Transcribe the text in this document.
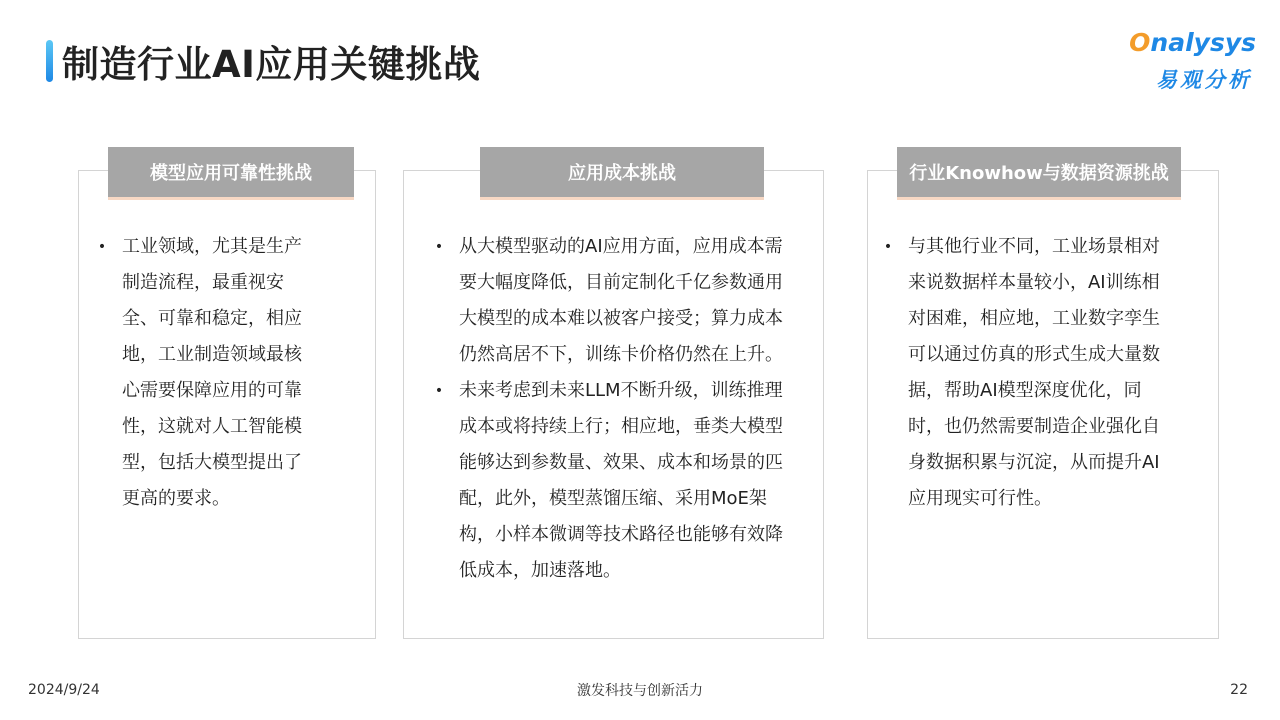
制造行业AI应用关键挑战
Onalysys
易观分析
模型应用可靠性挑战
• 工业领域，尤其是生产制造流程，最重视安全、可靠和稳定，相应地，工业制造领域最核心需要保障应用的可靠性，这就对人工智能模型，包括大模型提出了更高的要求。
应用成本挑战
• 从大模型驱动的AI应用方面，应用成本需要大幅度降低，目前定制化千亿参数通用大模型的成本难以被客户接受；算力成本仍然高居不下，训练卡价格仍然在上升。
• 未来考虑到未来LLM不断升级，训练推理成本或将持续上行；相应地，垂类大模型能够达到参数量、效果、成本和场景的匹配，此外，模型蒸馏压缩、采用MoE架构，小样本微调等技术路径也能够有效降低成本，加速落地。
行业Knowhow与数据资源挑战
• 与其他行业不同，工业场景相对来说数据样本量较小，AI训练相对困难，相应地，工业数字孪生可以通过仿真的形式生成大量数据，帮助AI模型深度优化，同时，也仍然需要制造企业强化自身数据积累与沉淀，从而提升AI应用现实可行性。
2024/9/24	激发科技与创新活力	22
